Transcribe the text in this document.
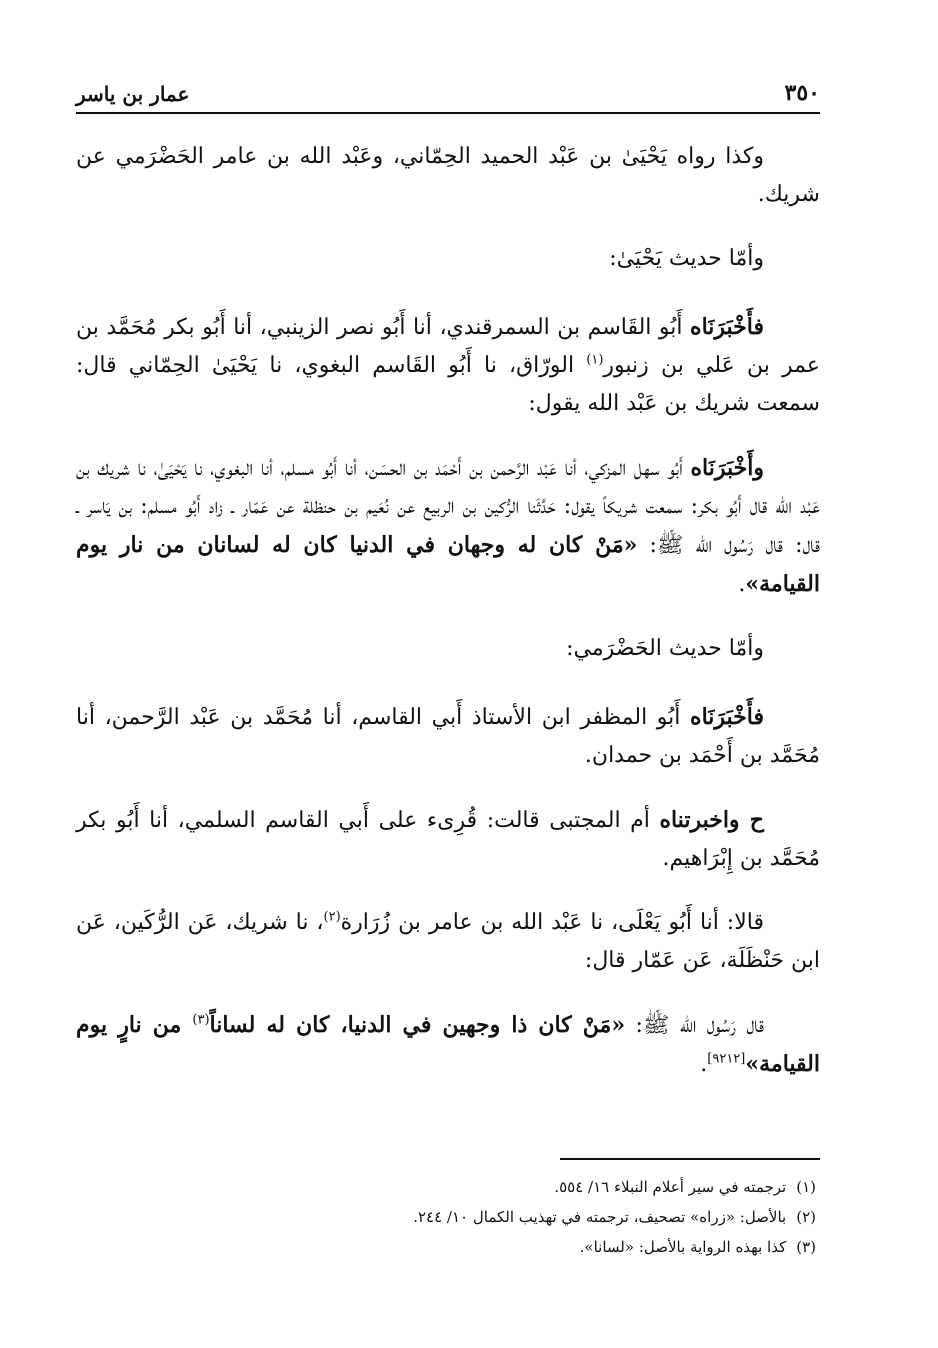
٣٥٠
عمار بن ياسر

وكذا رواه يَحْيَىٰ بن عَبْد الحميد الحِمّاني، وعَبْد الله بن عامر الحَضْرَمي عن شريك.

وأمّا حديث يَحْيَىٰ:

فأَخْبَرَنَاه أَبُو القَاسم بن السمرقندي، أنا أَبُو نصر الزينبي، أنا أَبُو بكر مُحَمَّد بن عمر بن عَلي بن زنبور$^{(١)}$ الورّاق، نا أَبُو القَاسم البغوي، نا يَحْيَىٰ الحِمّاني قال: سمعت شريك بن عَبْد الله يقول:

وأَخْبَرَنَاه أَبُو سهل المزكي، أنا عَبْد الرَّحمن بن أَحْمَد بن الحسَن، أنا أَبُو مسلم، أنا البغوي، نا يَحْيَىٰ، نا شريك بن عَبْد الله قال أَبُو بكر: سمعت شريكاً يقول: حَدَّثَنا الرُّكين بن الربيع عن نُعَيم بن حنظلة عن عَمّار ـ زاد أَبُو مسلم: بن يَاسر ـ قال: قال رَسُول الله ﷺ: «مَنْ كان له وجهان في الدنيا كان له لسانان من نار يوم القيامة».

وأمّا حديث الحَضْرَمي:

فأَخْبَرَنَاه أَبُو المظفر ابن الأستاذ أَبي القاسم، أنا مُحَمَّد بن عَبْد الرَّحمن، أنا مُحَمَّد بن أَحْمَد بن حمدان.

ح واخبرتناه أم المجتبى قالت: قُرِىء على أَبي القاسم السلمي، أنا أَبُو بكر مُحَمَّد بن إِبْرَاهيم.

قالا: أنا أَبُو يَعْلَى، نا عَبْد الله بن عامر بن زُرَارة$^{(٢)}$، نا شريك، عَن الرُّكَين، عَن ابن حَنْظَلَة، عَن عَمّار قال:

قال رَسُول الله ﷺ: «مَنْ كان ذا وجهين في الدنيا، كان له لساناً$^{(٣)}$ من نارٍ يوم القيامة»[٩٢١٢].

(١)ترجمته في سير أعلام النبلاء ١٦/ ٥٥٤.
(٢)بالأصل: «زراه» تصحيف، ترجمته في تهذيب الكمال ١٠/ ٢٤٤.
(٣)كذا بهذه الرواية بالأصل: «لسانا».
